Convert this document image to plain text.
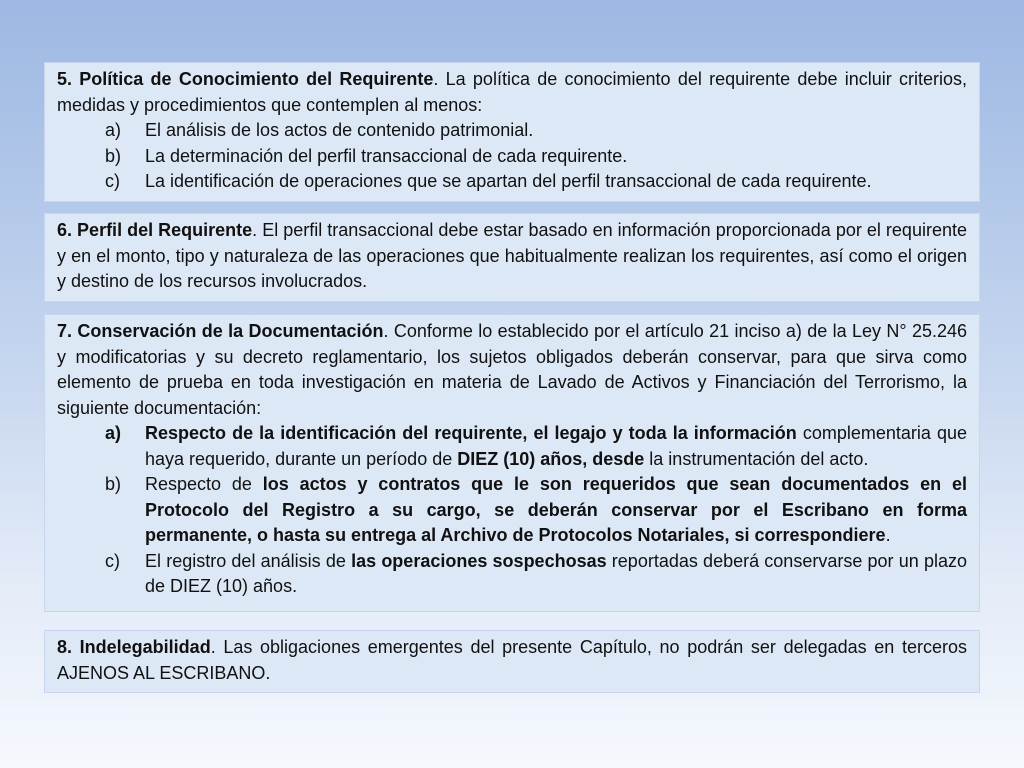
5. Política de Conocimiento del Requirente. La política de conocimiento del requirente debe incluir criterios, medidas y procedimientos que contemplen al menos:

a)	El análisis de los actos de contenido patrimonial.
b)	La determinación del perfil transaccional de cada requirente.
c)	La identificación de operaciones que se apartan del perfil transaccional de cada requirente.

6. Perfil del Requirente. El perfil transaccional debe estar basado en información proporcionada por el requirente y en el monto, tipo y naturaleza de las operaciones que habitualmente realizan los requirentes, así como el origen y destino de los recursos involucrados.

7. Conservación de la Documentación. Conforme lo establecido por el artículo 21 inciso a) de la Ley N° 25.246 y modificatorias y su decreto reglamentario, los sujetos obligados deberán conservar, para que sirva como elemento de prueba en toda investigación en materia de Lavado de Activos y Financiación del Terrorismo, la siguiente documentación:

a)	Respecto de la identificación del requirente, el legajo y toda la información complementaria que haya requerido, durante un período de DIEZ (10) años, desde la instrumentación del acto.
b)	Respecto de los actos y contratos que le son requeridos que sean documentados en el Protocolo del Registro a su cargo, se deberán conservar por el Escribano en forma permanente, o hasta su entrega al Archivo de Protocolos Notariales, si correspondiere.
c)	El registro del análisis de las operaciones sospechosas reportadas deberá conservarse por un plazo de DIEZ (10) años.

8. Indelegabilidad. Las obligaciones emergentes del presente Capítulo, no podrán ser delegadas en terceros AJENOS AL ESCRIBANO.
